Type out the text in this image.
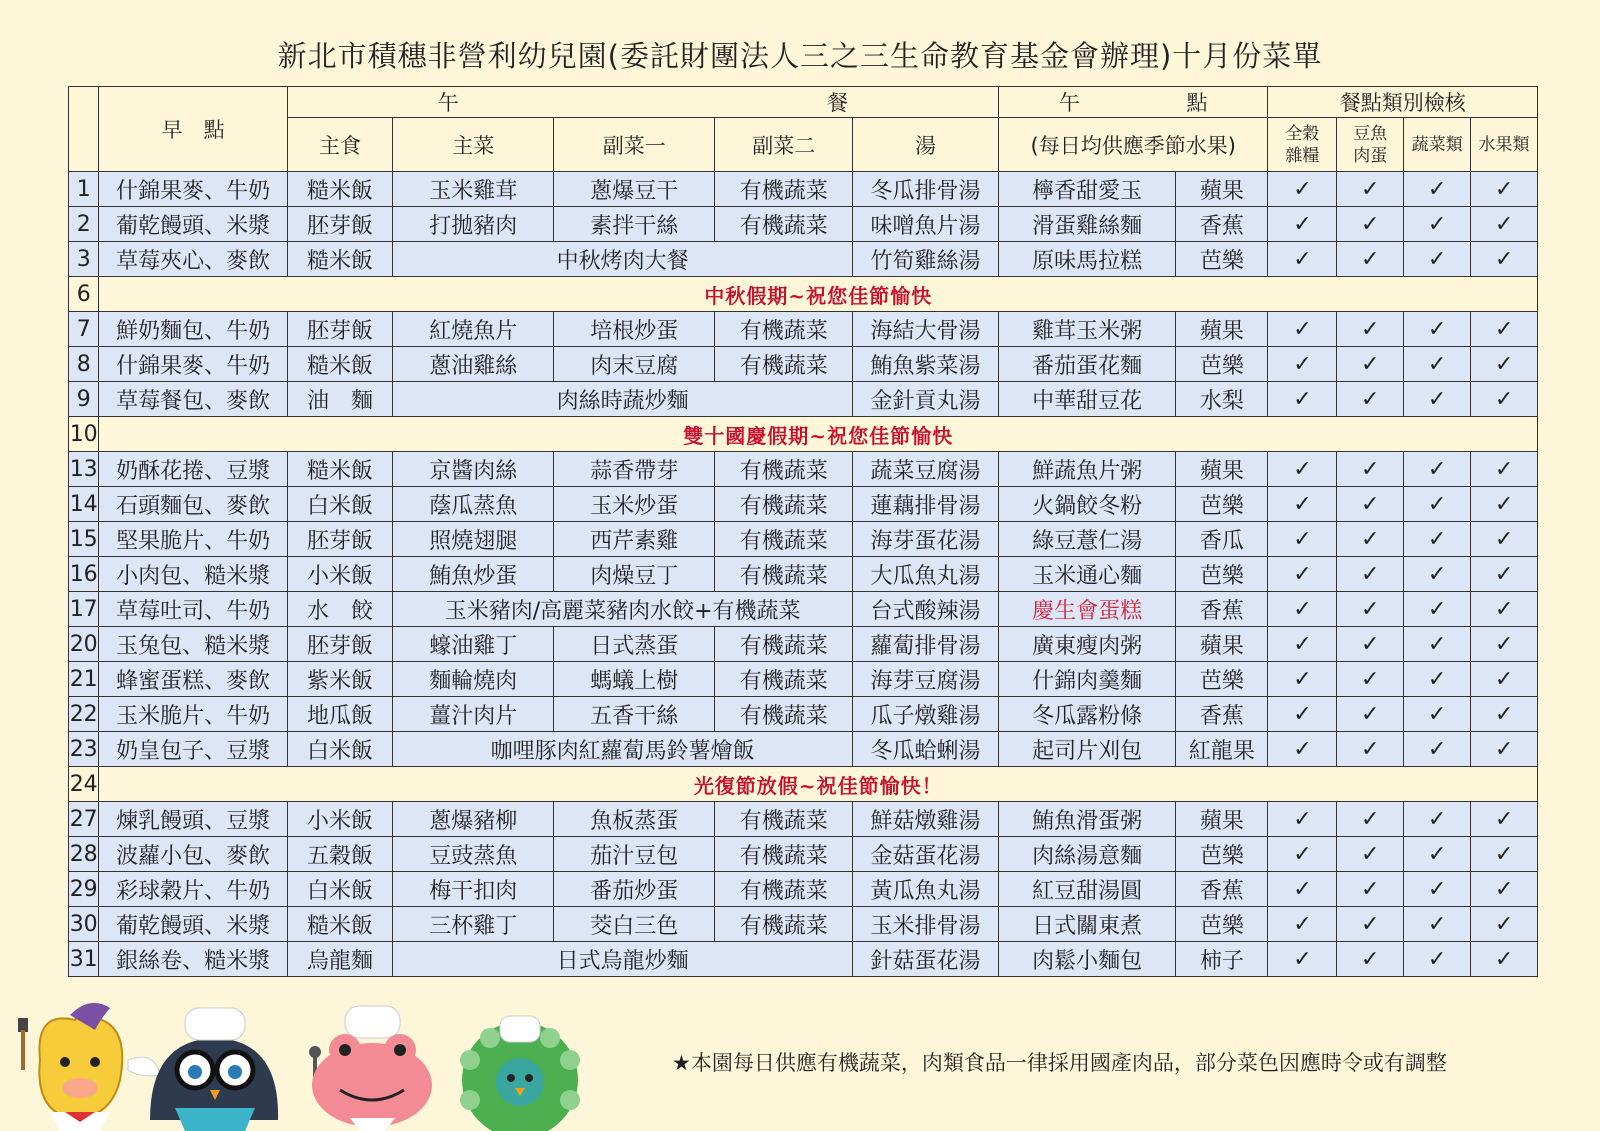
新北市積穗非營利幼兒園(委託財團法人三之三生命教育基金會辦理)十月份菜單
	早　點	午 餐					午 點		餐點類別檢核			
		主食	主菜	副菜一	副菜二	湯	(每日均供應季節水果)		全穀雜糧	豆魚肉蛋	蔬菜類	水果類
1	什錦果麥、牛奶	糙米飯	玉米雞茸	蔥爆豆干	有機蔬菜	冬瓜排骨湯	檸香甜愛玉	蘋果	✓	✓	✓	✓
2	葡乾饅頭、米漿	胚芽飯	打拋豬肉	素拌干絲	有機蔬菜	味噌魚片湯	滑蛋雞絲麵	香蕉	✓	✓	✓	✓
3	草莓夾心、麥飲	糙米飯	中秋烤肉大餐			竹筍雞絲湯	原味馬拉糕	芭樂	✓	✓	✓	✓
6	中秋假期~祝您佳節愉快											
7	鮮奶麵包、牛奶	胚芽飯	紅燒魚片	培根炒蛋	有機蔬菜	海結大骨湯	雞茸玉米粥	蘋果	✓	✓	✓	✓
8	什錦果麥、牛奶	糙米飯	蔥油雞絲	肉末豆腐	有機蔬菜	鮪魚紫菜湯	番茄蛋花麵	芭樂	✓	✓	✓	✓
9	草莓餐包、麥飲	油　麵	肉絲時蔬炒麵			金針貢丸湯	中華甜豆花	水梨	✓	✓	✓	✓
10	雙十國慶假期~祝您佳節愉快											
13	奶酥花捲、豆漿	糙米飯	京醬肉絲	蒜香帶芽	有機蔬菜	蔬菜豆腐湯	鮮蔬魚片粥	蘋果	✓	✓	✓	✓
14	石頭麵包、麥飲	白米飯	蔭瓜蒸魚	玉米炒蛋	有機蔬菜	蓮藕排骨湯	火鍋餃冬粉	芭樂	✓	✓	✓	✓
15	堅果脆片、牛奶	胚芽飯	照燒翅腿	西芹素雞	有機蔬菜	海芽蛋花湯	綠豆薏仁湯	香瓜	✓	✓	✓	✓
16	小肉包、糙米漿	小米飯	鮪魚炒蛋	肉燥豆丁	有機蔬菜	大瓜魚丸湯	玉米通心麵	芭樂	✓	✓	✓	✓
17	草莓吐司、牛奶	水　餃	玉米豬肉/高麗菜豬肉水餃+有機蔬菜			台式酸辣湯	慶生會蛋糕	香蕉	✓	✓	✓	✓
20	玉兔包、糙米漿	胚芽飯	蠔油雞丁	日式蒸蛋	有機蔬菜	蘿蔔排骨湯	廣東瘦肉粥	蘋果	✓	✓	✓	✓
21	蜂蜜蛋糕、麥飲	紫米飯	麵輪燒肉	螞蟻上樹	有機蔬菜	海芽豆腐湯	什錦肉羹麵	芭樂	✓	✓	✓	✓
22	玉米脆片、牛奶	地瓜飯	薑汁肉片	五香干絲	有機蔬菜	瓜子燉雞湯	冬瓜露粉條	香蕉	✓	✓	✓	✓
23	奶皇包子、豆漿	白米飯	咖哩豚肉紅蘿蔔馬鈴薯燴飯			冬瓜蛤蜊湯	起司片刈包	紅龍果	✓	✓	✓	✓
24	光復節放假~祝佳節愉快！											
27	煉乳饅頭、豆漿	小米飯	蔥爆豬柳	魚板蒸蛋	有機蔬菜	鮮菇燉雞湯	鮪魚滑蛋粥	蘋果	✓	✓	✓	✓
28	波蘿小包、麥飲	五穀飯	豆豉蒸魚	茄汁豆包	有機蔬菜	金菇蛋花湯	肉絲湯意麵	芭樂	✓	✓	✓	✓
29	彩球穀片、牛奶	白米飯	梅干扣肉	番茄炒蛋	有機蔬菜	黃瓜魚丸湯	紅豆甜湯圓	香蕉	✓	✓	✓	✓
30	葡乾饅頭、米漿	糙米飯	三杯雞丁	茭白三色	有機蔬菜	玉米排骨湯	日式關東煮	芭樂	✓	✓	✓	✓
31	銀絲卷、糙米漿	烏龍麵	日式烏龍炒麵			針菇蛋花湯	肉鬆小麵包	柿子	✓	✓	✓	✓
★本園每日供應有機蔬菜，肉類食品一律採用國產肉品，部分菜色因應時令或有調整
